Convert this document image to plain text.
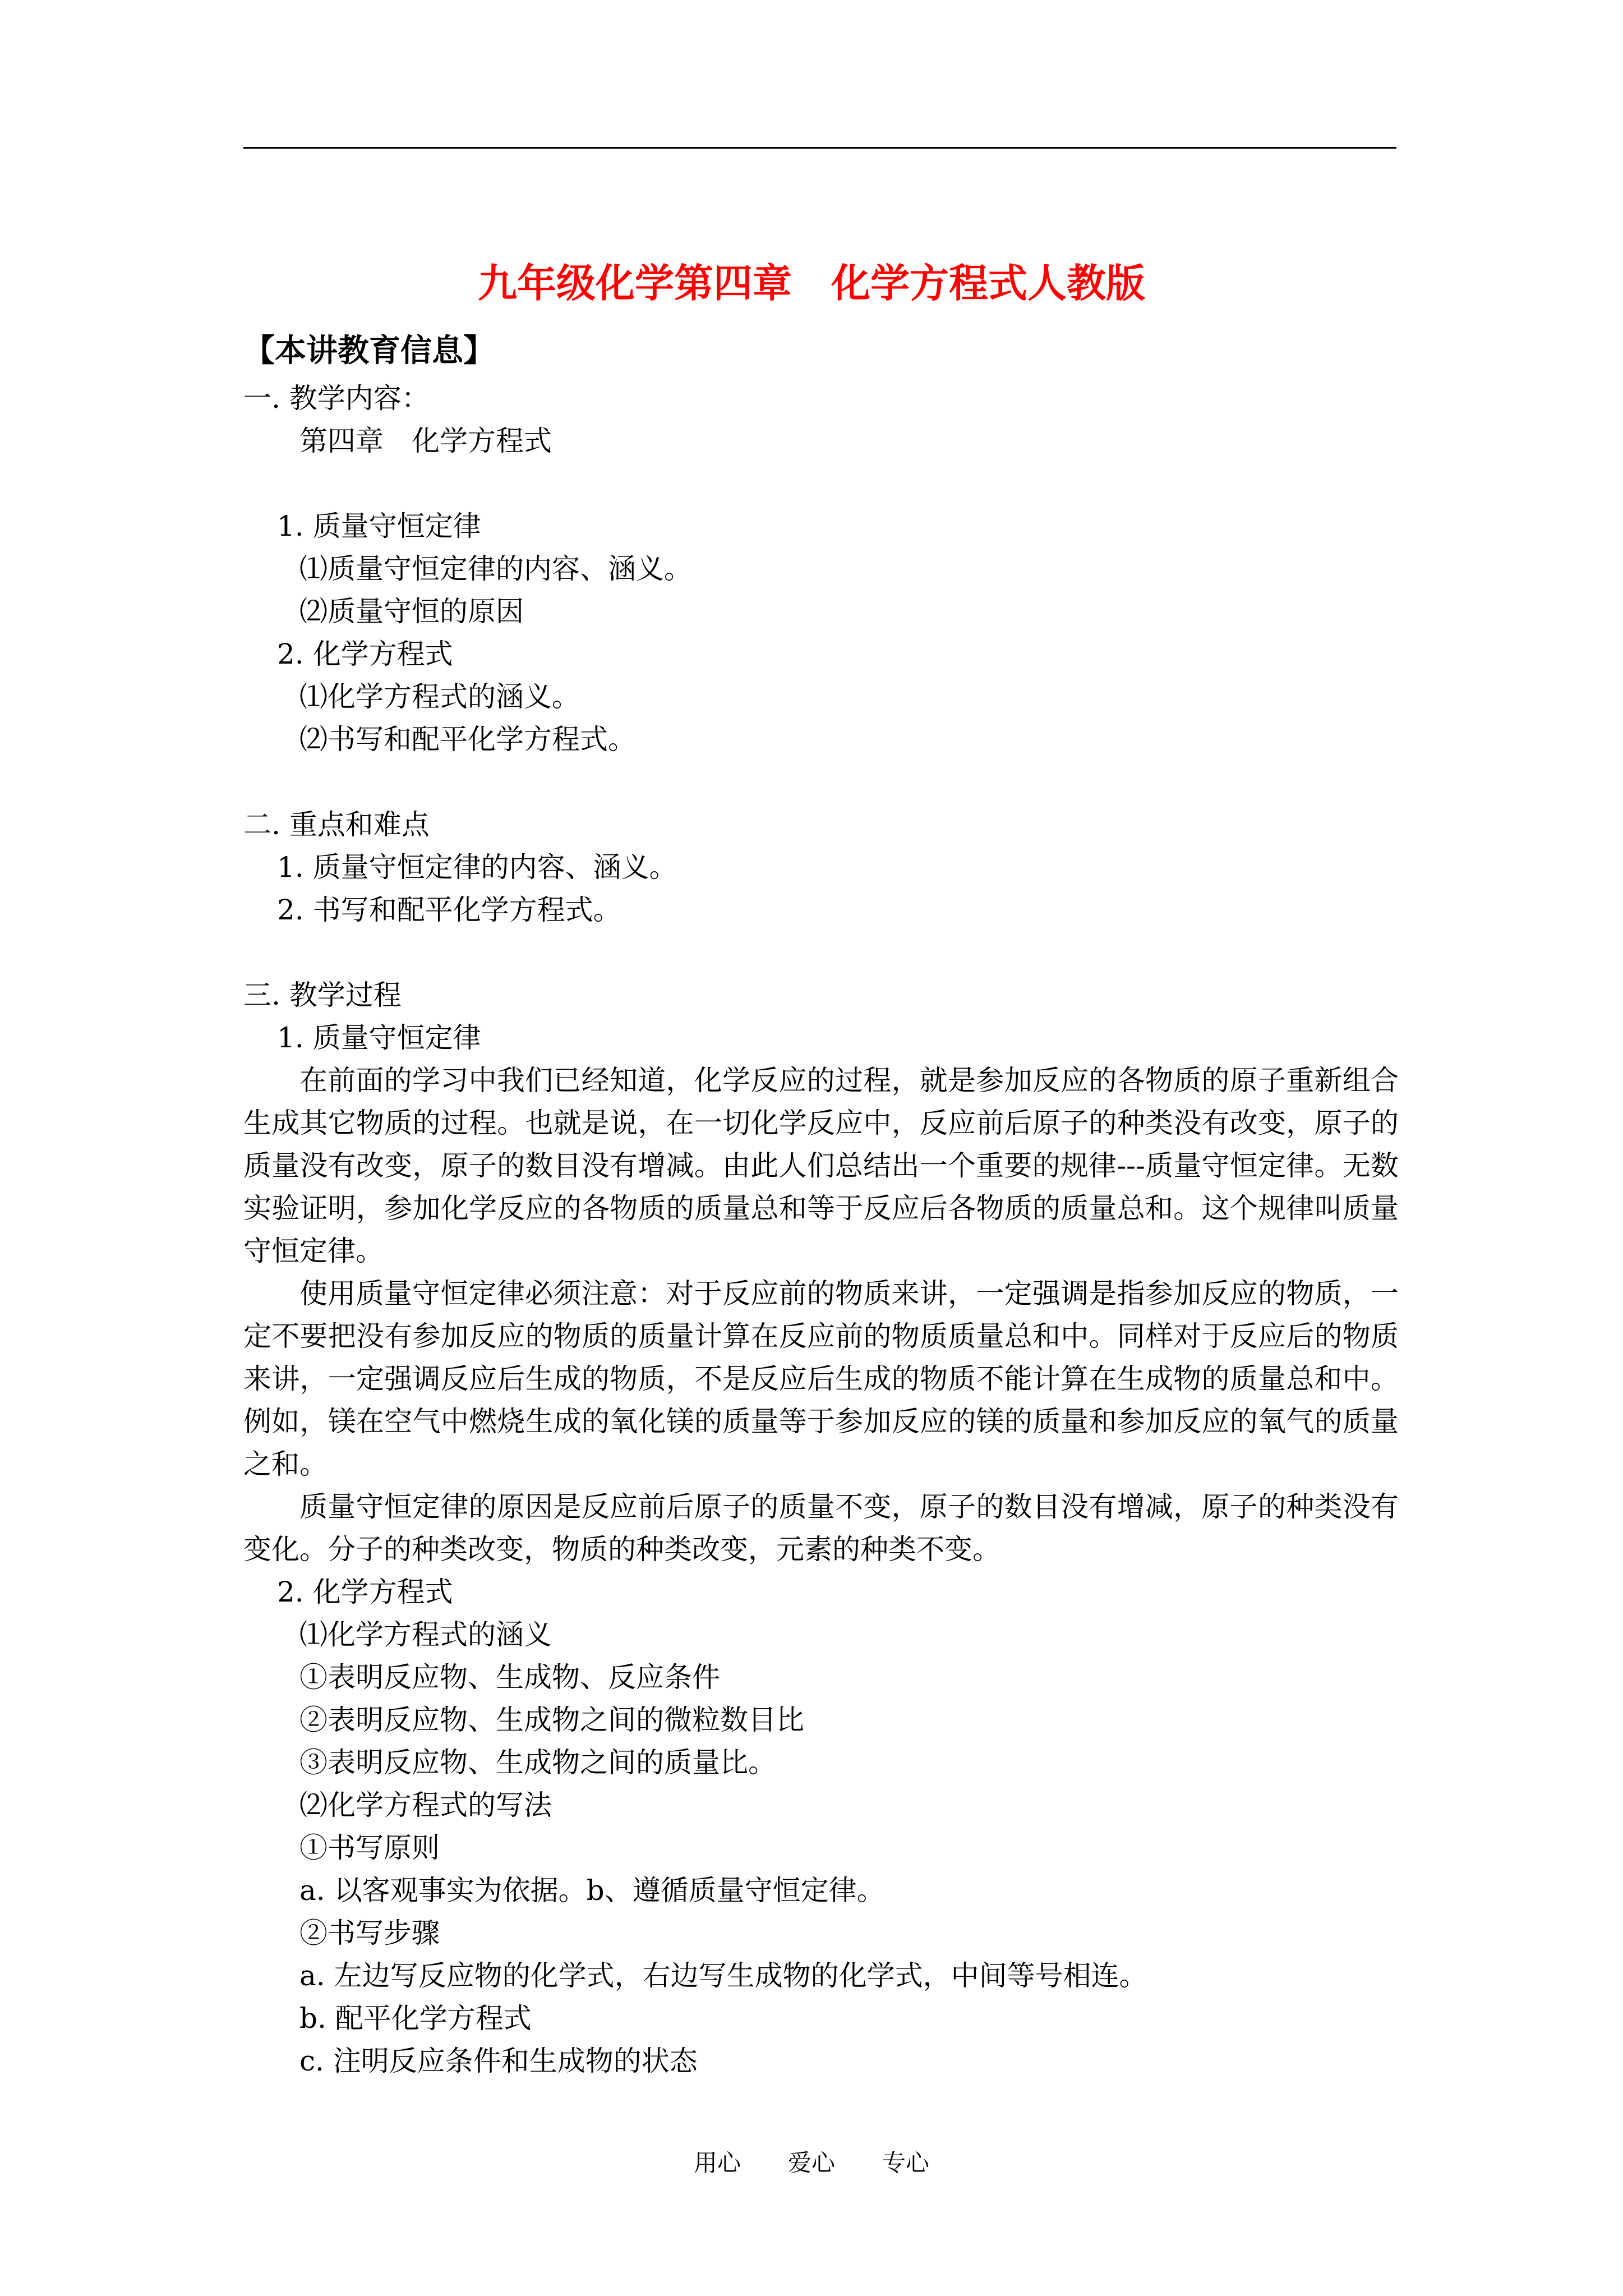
九年级化学第四章　化学方程式人教版
【本讲教育信息】
一. 教学内容：
第四章　化学方程式
1. 质量守恒定律
⑴质量守恒定律的内容、涵义。
⑵质量守恒的原因
2. 化学方程式
⑴化学方程式的涵义。
⑵书写和配平化学方程式。
二. 重点和难点
1. 质量守恒定律的内容、涵义。
2. 书写和配平化学方程式。
三. 教学过程
1. 质量守恒定律
在前面的学习中我们已经知道，化学反应的过程，就是参加反应的各物质的原子重新组合生成其它物质的过程。也就是说，在一切化学反应中，反应前后原子的种类没有改变，原子的质量没有改变，原子的数目没有增减。由此人们总结出一个重要的规律---质量守恒定律。无数实验证明，参加化学反应的各物质的质量总和等于反应后各物质的质量总和。这个规律叫质量守恒定律。
使用质量守恒定律必须注意：对于反应前的物质来讲，一定强调是指参加反应的物质，一定不要把没有参加反应的物质的质量计算在反应前的物质质量总和中。同样对于反应后的物质来讲，一定强调反应后生成的物质，不是反应后生成的物质不能计算在生成物的质量总和中。例如，镁在空气中燃烧生成的氧化镁的质量等于参加反应的镁的质量和参加反应的氧气的质量之和。
质量守恒定律的原因是反应前后原子的质量不变，原子的数目没有增减，原子的种类没有变化。分子的种类改变，物质的种类改变，元素的种类不变。
2. 化学方程式
⑴化学方程式的涵义
①表明反应物、生成物、反应条件
②表明反应物、生成物之间的微粒数目比
③表明反应物、生成物之间的质量比。
⑵化学方程式的写法
①书写原则
a. 以客观事实为依据。b、遵循质量守恒定律。
②书写步骤
a. 左边写反应物的化学式，右边写生成物的化学式，中间等号相连。
b. 配平化学方程式
c. 注明反应条件和生成物的状态
用心　　爱心　　专心
